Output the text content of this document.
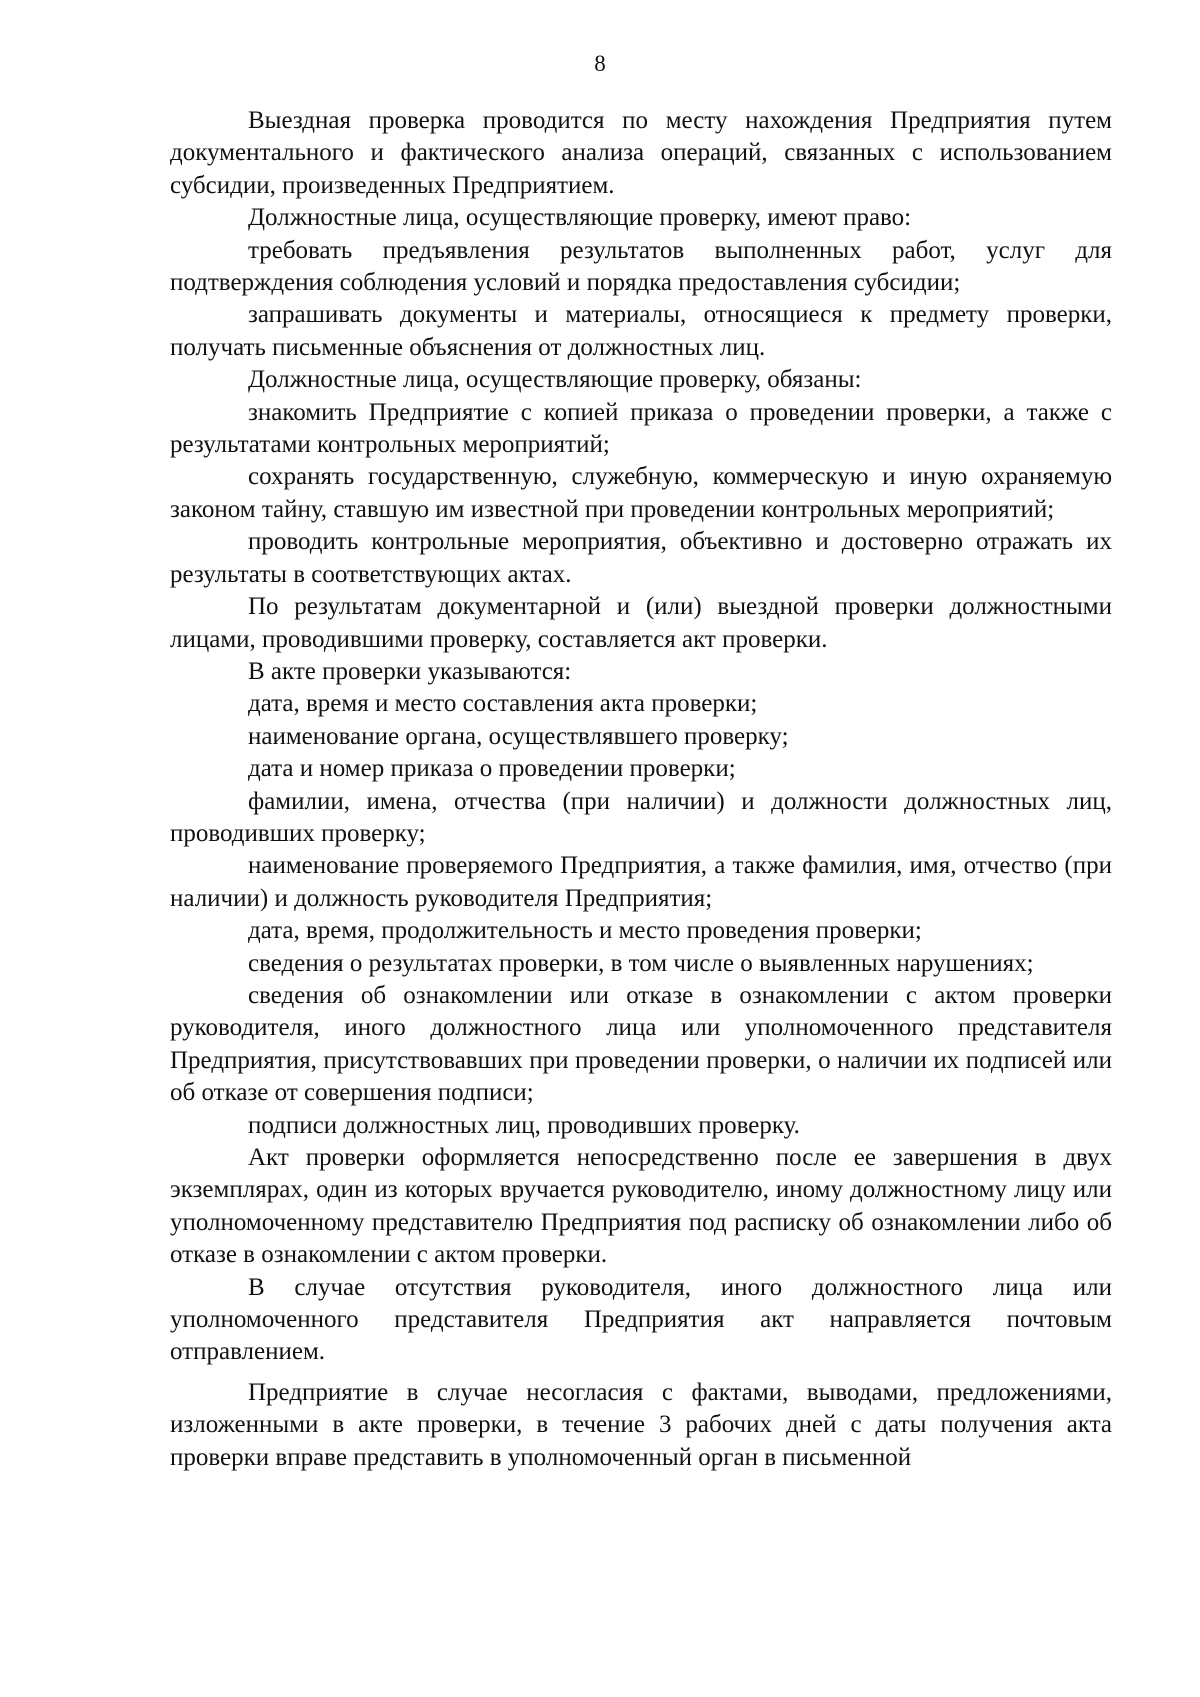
8

Выездная проверка проводится по месту нахождения Предприятия путем документального и фактического анализа операций, связанных с использованием субсидии, произведенных Предприятием.

Должностные лица, осуществляющие проверку, имеют право:

требовать предъявления результатов выполненных работ, услуг для подтверждения соблюдения условий и порядка предоставления субсидии;

запрашивать документы и материалы, относящиеся к предмету проверки, получать письменные объяснения от должностных лиц.

Должностные лица, осуществляющие проверку, обязаны:

знакомить Предприятие с копией приказа о проведении проверки, а также с результатами контрольных мероприятий;

сохранять государственную, служебную, коммерческую и иную охраняемую законом тайну, ставшую им известной при проведении контрольных мероприятий;

проводить контрольные мероприятия, объективно и достоверно отражать их результаты в соответствующих актах.

По результатам документарной и (или) выездной проверки должностными лицами, проводившими проверку, составляется акт проверки.

В акте проверки указываются:

дата, время и место составления акта проверки;

наименование органа, осуществлявшего проверку;

дата и номер приказа о проведении проверки;

фамилии, имена, отчества (при наличии) и должности должностных лиц, проводивших проверку;

наименование проверяемого Предприятия, а также фамилия, имя, отчество (при наличии) и должность руководителя Предприятия;

дата, время, продолжительность и место проведения проверки;

сведения о результатах проверки, в том числе о выявленных нарушениях;

сведения об ознакомлении или отказе в ознакомлении с актом проверки руководителя, иного должностного лица или уполномоченного представителя Предприятия, присутствовавших при проведении проверки, о наличии их подписей или об отказе от совершения подписи;

подписи должностных лиц, проводивших проверку.

Акт проверки оформляется непосредственно после ее завершения в двух экземплярах, один из которых вручается руководителю, иному должностному лицу или уполномоченному представителю Предприятия под расписку об ознакомлении либо об отказе в ознакомлении с актом проверки.

В случае отсутствия руководителя, иного должностного лица или уполномоченного представителя Предприятия акт направляется почтовым отправлением.

Предприятие в случае несогласия с фактами, выводами, предложениями, изложенными в акте проверки, в течение 3 рабочих дней с даты получения акта проверки вправе представить в уполномоченный орган в письменной
